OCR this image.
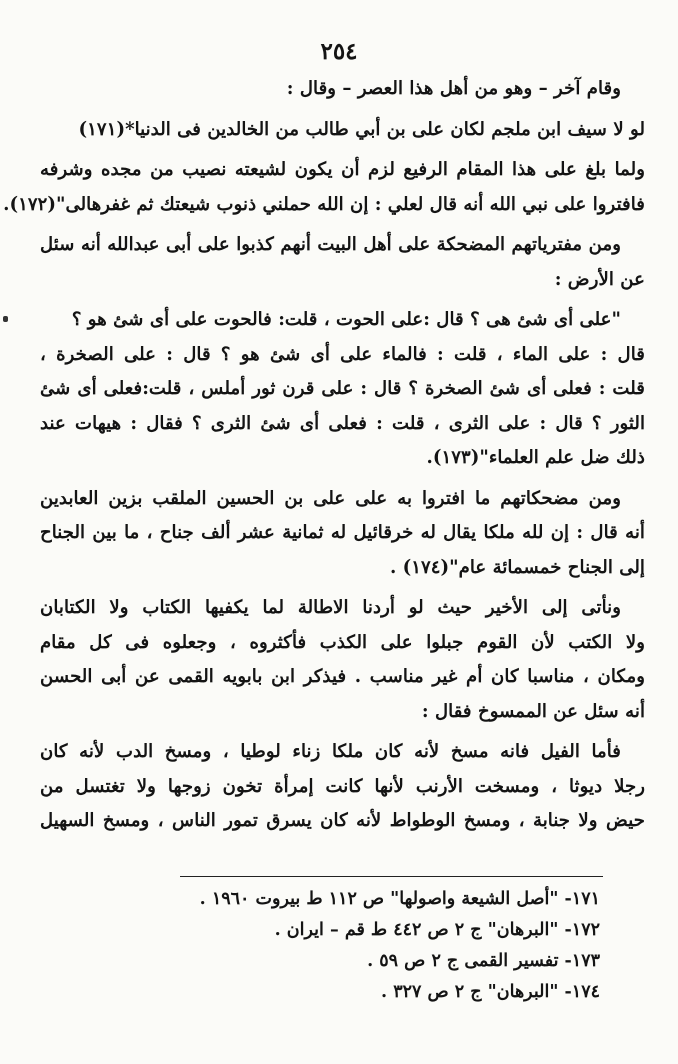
٢٥٤
وقام آخر – وهو من أهل هذا العصر – وقال :
لو لا سيف ابن ملجم لكان على بن أبي طالب من الخالدين فى الدنيا*(١٧١)
ولما بلغ على هذا المقام الرفيع لزم أن يكون لشيعته نصيب من مجده وشرفه
فافتروا على نبي الله أنه قال لعلي : إن الله حملني ذنوب شيعتك ثم غفرهالى"(١٧٢).
ومن مفترياتهم المضحكة على أهل البيت أنهم كذبوا على أبى عبدالله أنه سئل
عن الأرض :
"على أى شئ هى ؟ قال :على الحوت ، قلت: فالحوت على أى شئ هو ؟
قال : على الماء ، قلت : فالماء على أى شئ هو ؟ قال : على الصخرة ،
قلت : فعلى أى شئ الصخرة ؟ قال : على قرن ثور أملس ، قلت:فعلى أى شئ
الثور ؟ قال : على الثرى ، قلت : فعلى أى شئ الثرى ؟ فقال : هيهات عند
ذلك ضل علم العلماء"(١٧٣).
ومن مضحكاتهم ما افتروا به على على بن الحسين الملقب بزين العابدين
أنه قال : إن لله ملكا يقال له خرقائيل له ثمانية عشر ألف جناح ، ما بين الجناح
إلى الجناح خمسمائة عام"(١٧٤) .
ونأتى إلى الأخير حيث لو أردنا الاطالة لما يكفيها الكتاب ولا الكتابان
ولا الكتب لأن القوم جبلوا على الكذب فأكثروه ، وجعلوه فى كل مقام
ومكان ، مناسبا كان أم غير مناسب . فيذكر ابن بابويه القمى عن أبى الحسن
أنه سئل عن الممسوخ فقال :
فأما الفيل فانه مسخ لأنه كان ملكا زناء لوطيا ، ومسخ الدب لأنه كان
رجلا ديوثا ، ومسخت الأرنب لأنها كانت إمرأة تخون زوجها ولا تغتسل من
حيض ولا جنابة ، ومسخ الوطواط لأنه كان يسرق تمور الناس ، ومسخ السهيل
١٧١- "أصل الشيعة واصولها" ص ١١٢ ط بيروت ١٩٦٠ .
١٧٢- "البرهان" ج ٢ ص ٤٤٢ ط قم – ايران .
١٧٣- تفسير القمى ج ٢ ص ٥٩ .
١٧٤- "البرهان" ج ٢ ص ٣٢٧ .
